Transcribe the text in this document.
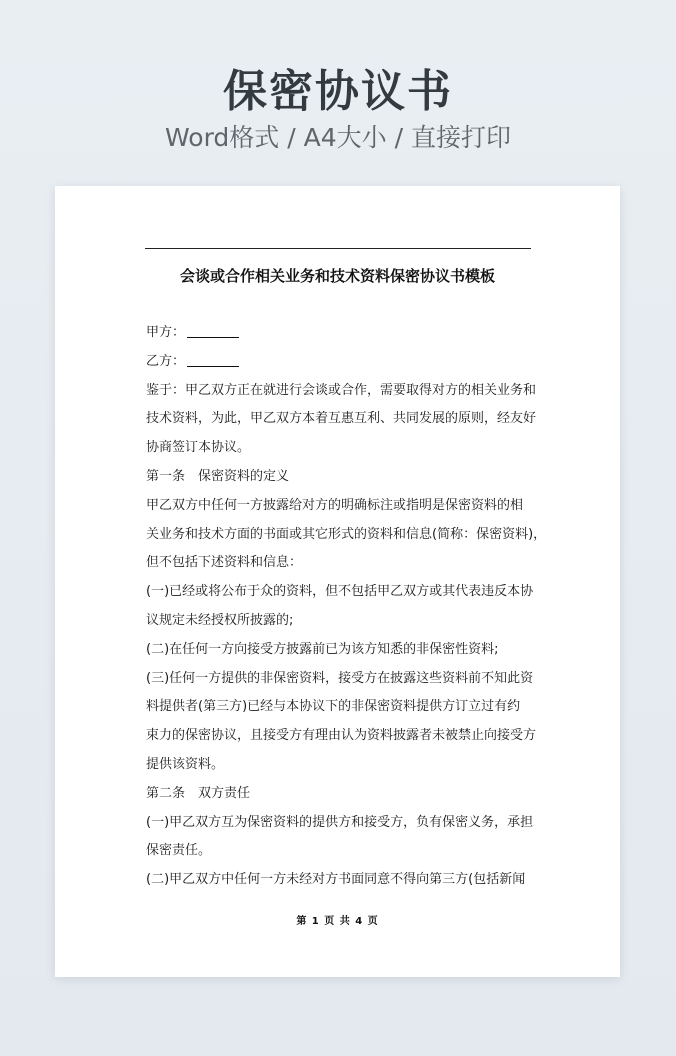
保密协议书
Word格式 / A4大小 / 直接打印
会谈或合作相关业务和技术资料保密协议书模板
甲方：
乙方：
鉴于：甲乙双方正在就进行会谈或合作，需要取得对方的相关业务和
技术资料，为此，甲乙双方本着互惠互利、共同发展的原则，经友好
协商签订本协议。
第一条　保密资料的定义
甲乙双方中任何一方披露给对方的明确标注或指明是保密资料的相
关业务和技术方面的书面或其它形式的资料和信息(简称：保密资料)，
但不包括下述资料和信息：
(一)已经或将公布于众的资料，但不包括甲乙双方或其代表违反本协
议规定未经授权所披露的;
(二)在任何一方向接受方披露前已为该方知悉的非保密性资料;
(三)任何一方提供的非保密资料，接受方在披露这些资料前不知此资
料提供者(第三方)已经与本协议下的非保密资料提供方订立过有约
束力的保密协议，且接受方有理由认为资料披露者未被禁止向接受方
提供该资料。
第二条　双方责任
(一)甲乙双方互为保密资料的提供方和接受方，负有保密义务，承担
保密责任。
(二)甲乙双方中任何一方未经对方书面同意不得向第三方(包括新闻
第 1 页 共 4 页
